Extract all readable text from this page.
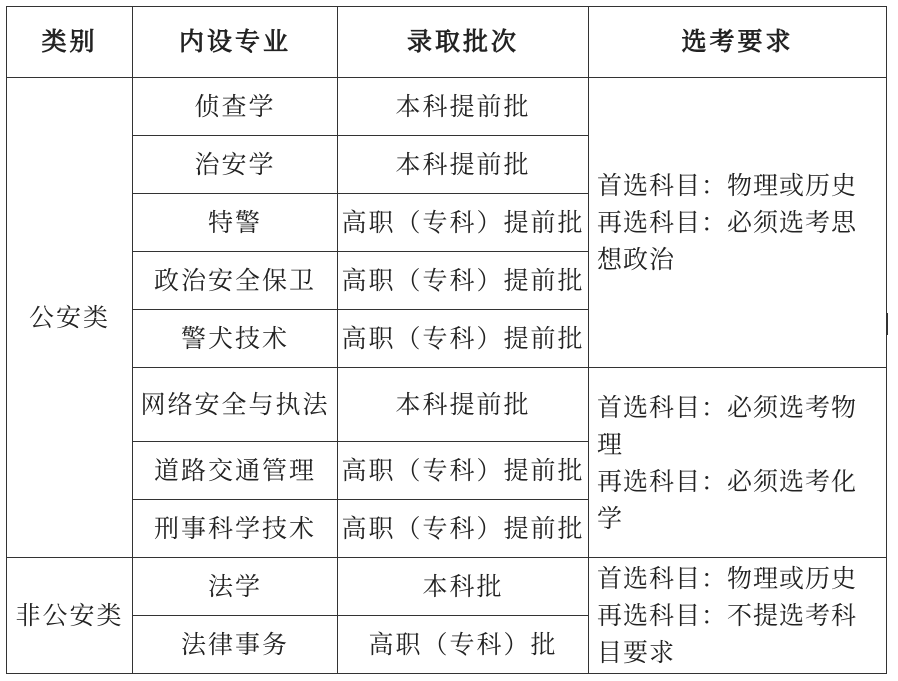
类别	内设专业	录取批次	选考要求
公安类	侦查学	本科提前批	首选科目：物理或历史
再选科目：必须选考思想政治

	治安学	本科提前批	
	特警	高职（专科）提前批	
	政治安全保卫	高职（专科）提前批	
	警犬技术	高职（专科）提前批	
	网络安全与执法	本科提前批	首选科目：必须选考物理
再选科目：必须选考化学

	道路交通管理	高职（专科）提前批	
	刑事科学技术	高职（专科）提前批	
非公安类	法学	本科批	首选科目：物理或历史
再选科目：不提选考科目要求

	法律事务	高职（专科）批	
